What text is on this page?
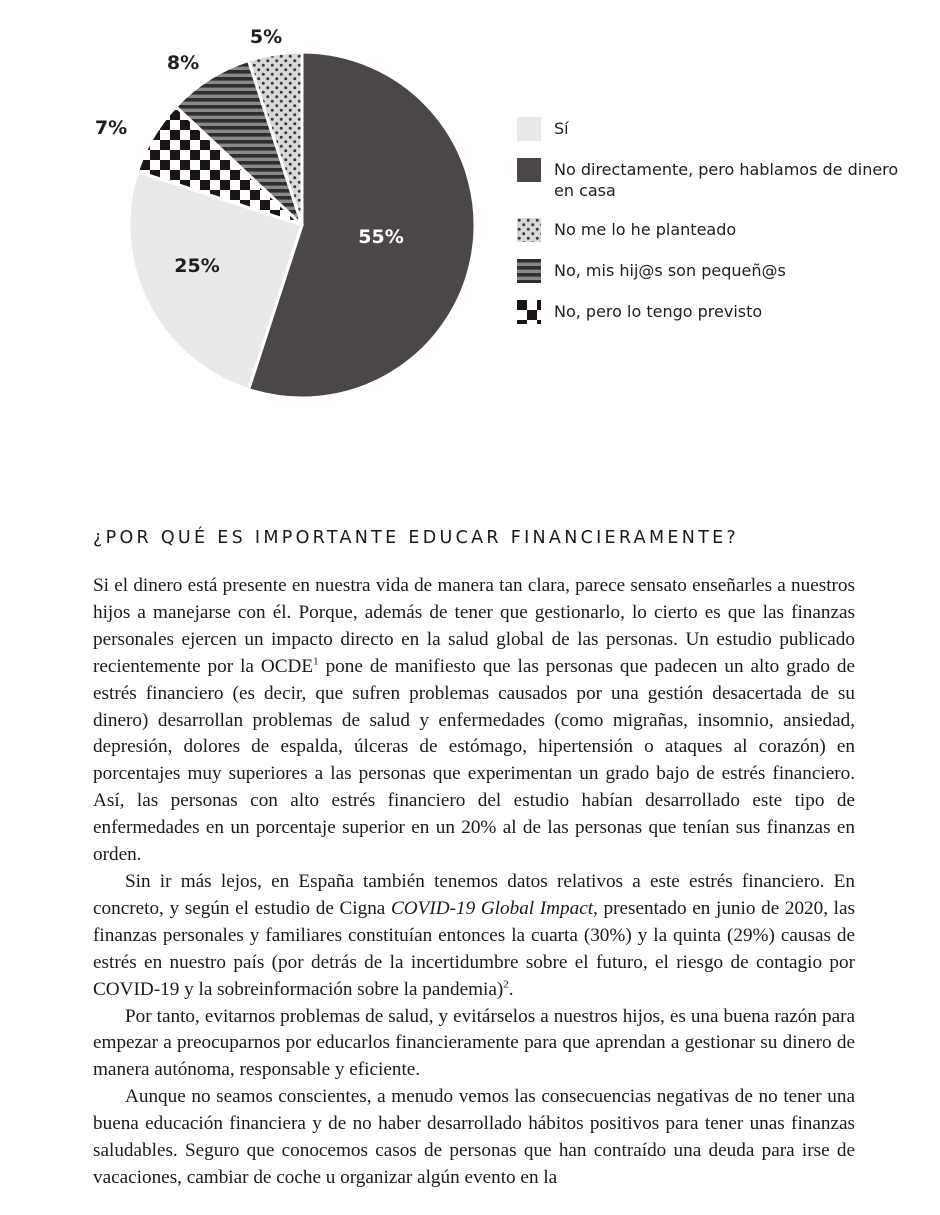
55%
25%
7%
8%
5%
Sí
No directamente, pero hablamos de dinero en casa
No me lo he planteado
No, mis hij@s son pequeñ@s
No, pero lo tengo previsto
¿POR QUÉ ES IMPORTANTE EDUCAR FINANCIERAMENTE?

Si el dinero está presente en nuestra vida de manera tan clara, parece sensato enseñarles a nuestros hijos a manejarse con él. Porque, además de tener que gestionarlo, lo cierto es que las finanzas personales ejercen un impacto directo en la salud global de las personas. Un estudio publicado recientemente por la OCDE$^1$ pone de manifiesto que las personas que padecen un alto grado de estrés financiero (es decir, que sufren problemas causados por una gestión desacertada de su dinero) desarrollan problemas de salud y enfermedades (como migrañas, insomnio, ansiedad, depresión, dolores de espalda, úlceras de estómago, hipertensión o ataques al corazón) en porcentajes muy superiores a las personas que experimentan un grado bajo de estrés financiero. Así, las personas con alto estrés financiero del estudio habían desarrollado este tipo de enfermedades en un porcentaje superior en un 20% al de las personas que tenían sus finanzas en orden.

Sin ir más lejos, en España también tenemos datos relativos a este estrés financiero. En concreto, y según el estudio de Cigna COVID-19 Global Impact, presentado en junio de 2020, las finanzas personales y familiares constituían entonces la cuarta (30%) y la quinta (29%) causas de estrés en nuestro país (por detrás de la incertidumbre sobre el futuro, el riesgo de contagio por COVID-19 y la sobreinformación sobre la pandemia)$^2$.

Por tanto, evitarnos problemas de salud, y evitárselos a nuestros hijos, es una buena razón para empezar a preocuparnos por educarlos financieramente para que aprendan a gestionar su dinero de manera autónoma, responsable y eficiente.

Aunque no seamos conscientes, a menudo vemos las consecuencias negativas de no tener una buena educación financiera y de no haber desarrollado hábitos positivos para tener unas finanzas saludables. Seguro que conocemos casos de personas que han contraído una deuda para irse de vacaciones, cambiar de coche u organizar algún evento en la
